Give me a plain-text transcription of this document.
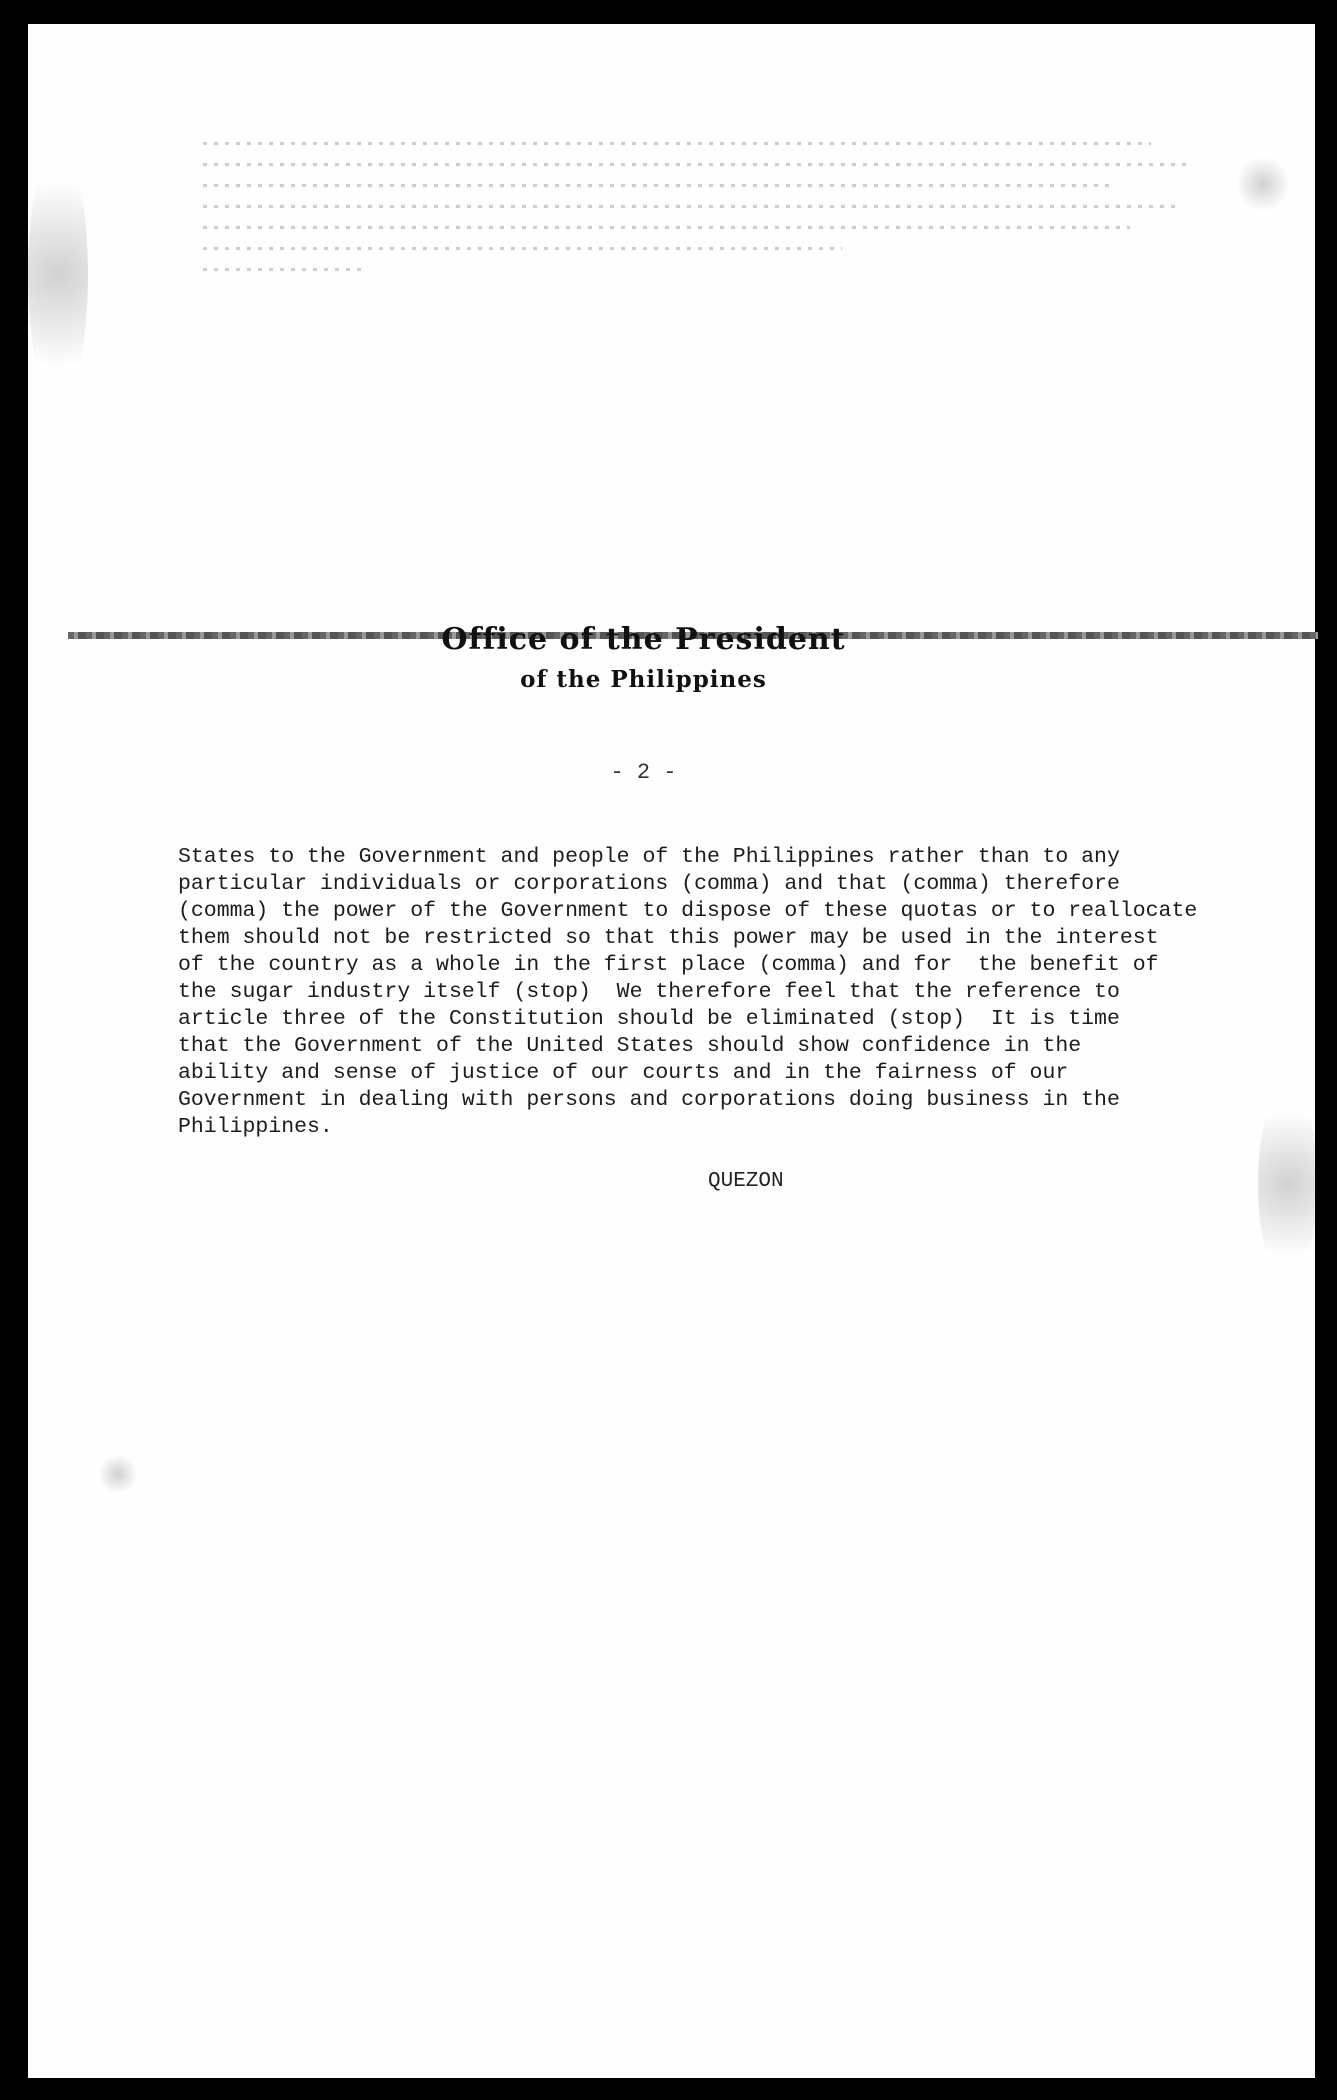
Office of the President
of the Philippines
- 2 -
States to the Government and people of the Philippines rather than to any
particular individuals or corporations (comma) and that (comma) therefore
(comma) the power of the Government to dispose of these quotas or to reallocate
them should not be restricted so that this power may be used in the interest
of the country as a whole in the first place (comma) and for  the benefit of
the sugar industry itself (stop)  We therefore feel that the reference to
article three of the Constitution should be eliminated (stop)  It is time
that the Government of the United States should show confidence in the
ability and sense of justice of our courts and in the fairness of our
Government in dealing with persons and corporations doing business in the
Philippines.
QUEZON
